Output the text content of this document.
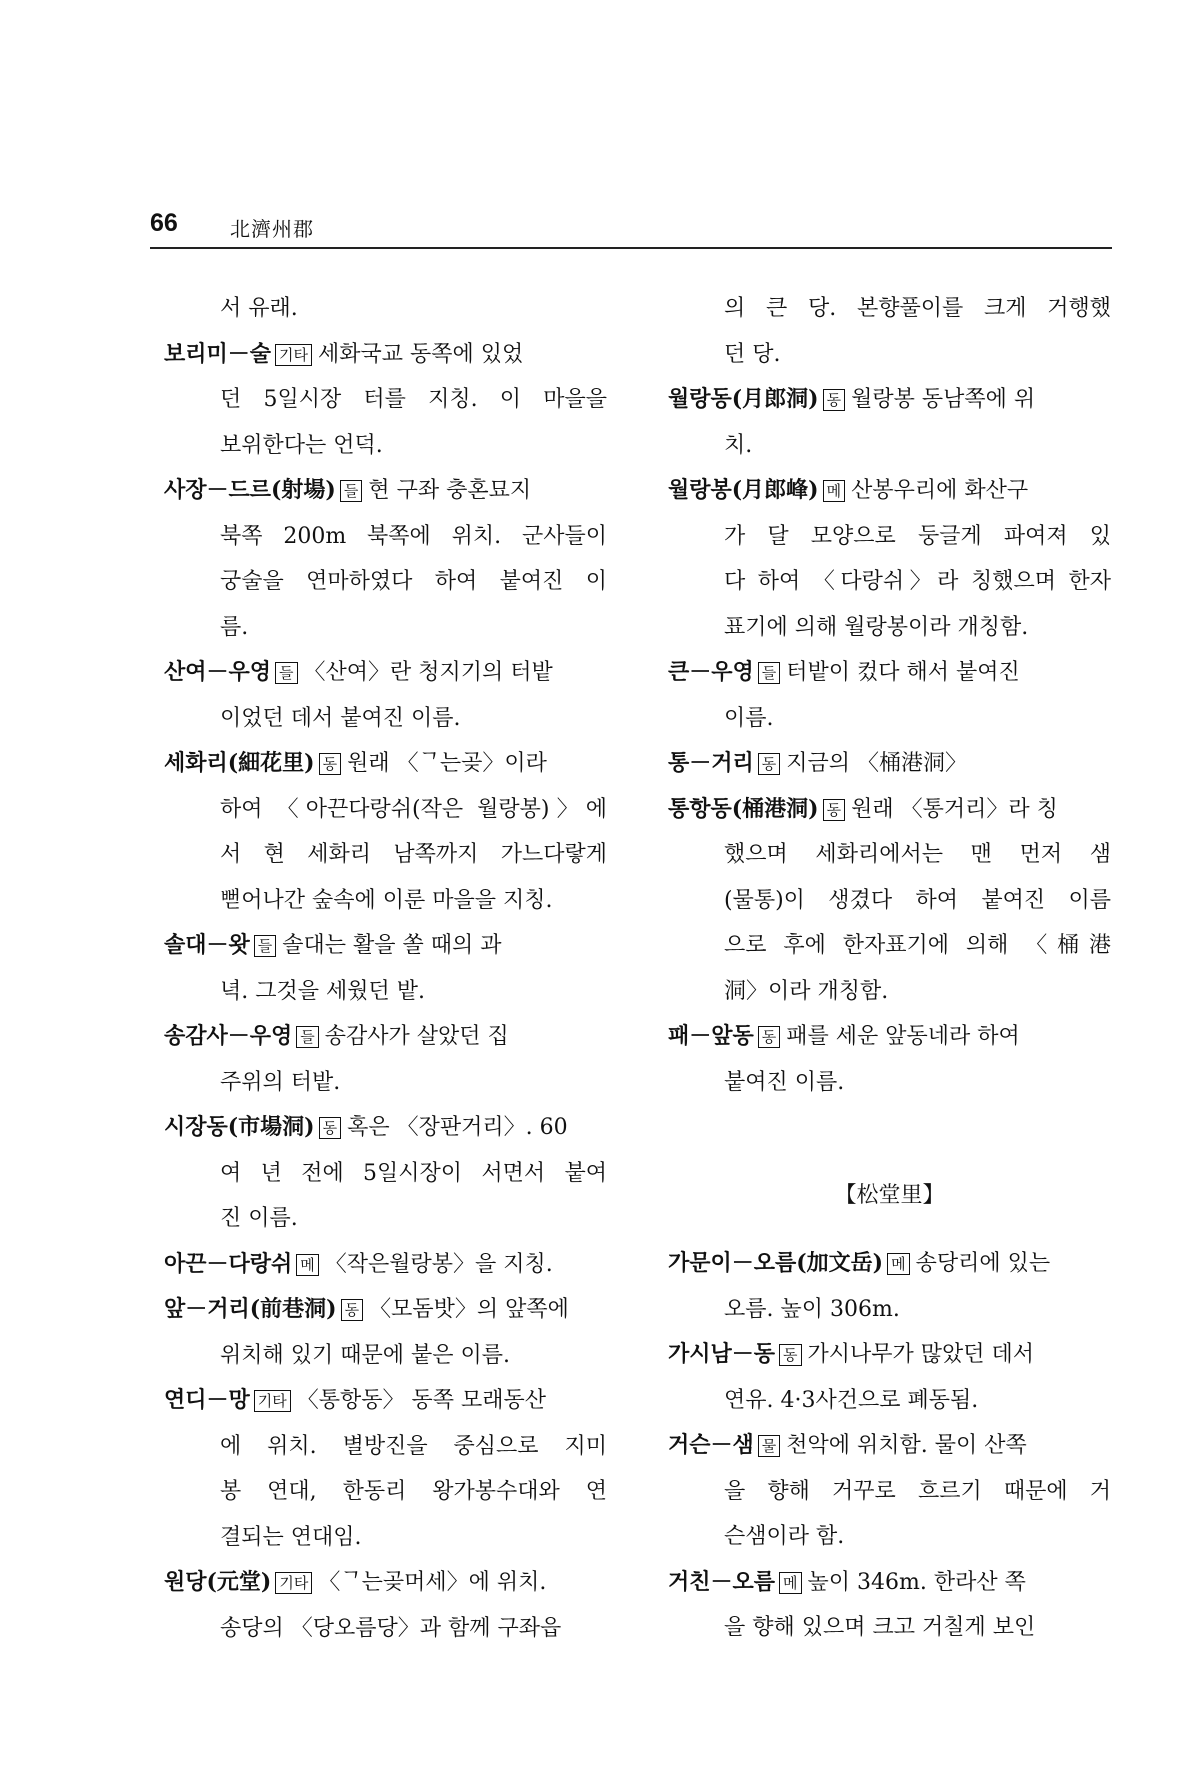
66	北濟州郡
서 유래.
보리미－술 기타 세화국교 동쪽에 있었
던 5일시장 터를 지칭. 이 마을을
보위한다는 언덕.
사장－드르(射場) 들 현 구좌 충혼묘지
북쪽 200m 북쪽에 위치. 군사들이
궁술을 연마하였다 하여 붙여진 이
름.
산여－우영 들 〈산여〉란 청지기의 터밭
이었던 데서 붙여진 이름.
세화리(細花里) 동 원래 〈ᄀ는곶〉이라
하여 〈아끈다랑쉬(작은 월랑봉)〉에
서 현 세화리 남쪽까지 가느다랗게
뻗어나간 숲속에 이룬 마을을 지칭.
솔대－왓 들 솔대는 활을 쏠 때의 과
녁. 그것을 세웠던 밭.
송감사－우영 들 송감사가 살았던 집
주위의 터밭.
시장동(市場洞) 동 혹은 〈장판거리〉. 60
여 년 전에 5일시장이 서면서 붙여
진 이름.
아끈－다랑쉬 메 〈작은월랑봉〉을 지칭.
앞－거리(前巷洞) 동 〈모돔밧〉의 앞쪽에
위치해 있기 때문에 붙은 이름.
연디－망 기타 〈통항동〉 동쪽 모래동산
에 위치. 별방진을 중심으로 지미
봉 연대, 한동리 왕가봉수대와 연
결되는 연대임.
원당(元堂) 기타 〈ᄀ는곶머세〉에 위치.
송당의 〈당오름당〉과 함께 구좌읍
의 큰 당. 본향풀이를 크게 거행했
던 당.
월랑동(月郎洞) 동 월랑봉 동남쪽에 위
치.
월랑봉(月郎峰) 메 산봉우리에 화산구
가 달 모양으로 둥글게 파여져 있
다 하여 〈다랑쉬〉라 칭했으며 한자
표기에 의해 월랑봉이라 개칭함.
큰－우영 들 터밭이 컸다 해서 붙여진
이름.
통－거리 동 지금의 〈桶港洞〉
통항동(桶港洞) 동 원래 〈통거리〉라 칭
했으며 세화리에서는 맨 먼저 샘
(물통)이 생겼다 하여 붙여진 이름
으로 후에 한자표기에 의해 〈桶港
洞〉이라 개칭함.
패－앞동 동 패를 세운 앞동네라 하여
붙여진 이름.
【松堂里】
가문이－오름(加文岳) 메 송당리에 있는
오름. 높이 306m.
가시남－동 동 가시나무가 많았던 데서
연유. 4·3사건으로 폐동됨.
거슨－샘 물 천악에 위치함. 물이 산쪽
을 향해 거꾸로 흐르기 때문에 거
슨샘이라 함.
거친－오름 메 높이 346m. 한라산 쪽
을 향해 있으며 크고 거칠게 보인
